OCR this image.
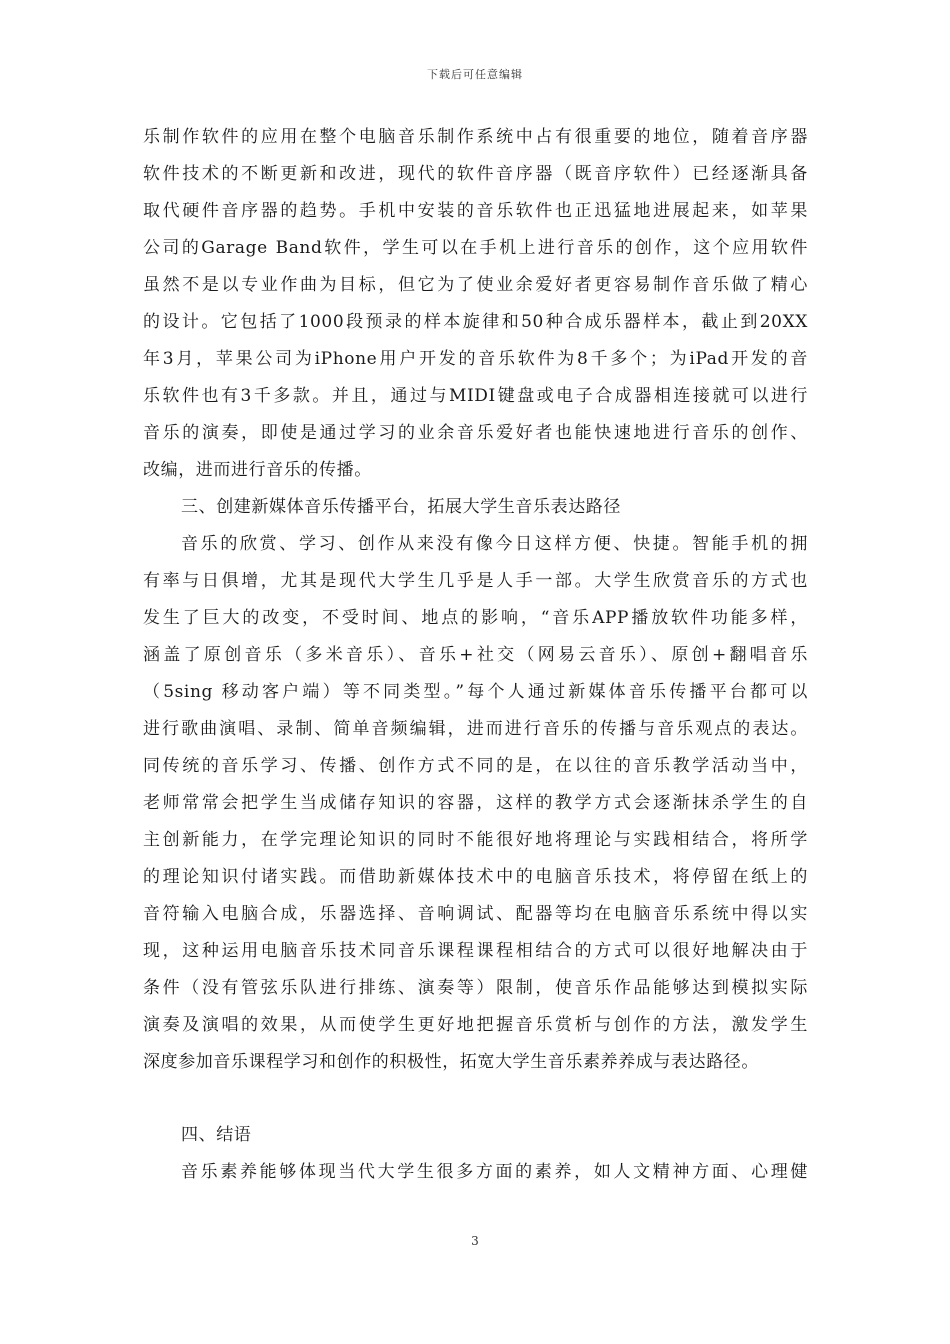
下载后可任意编辑
乐制作软件的应用在整个电脑音乐制作系统中占有很重要的地位，随着音序器
软件技术的不断更新和改进，现代的软件音序器（既音序软件）已经逐渐具备
取代硬件音序器的趋势。手机中安装的音乐软件也正迅猛地进展起来，如苹果
公司的Garage Band软件，学生可以在手机上进行音乐的创作，这个应用软件
虽然不是以专业作曲为目标，但它为了使业余爱好者更容易制作音乐做了精心
的设计。它包括了1000段预录的样本旋律和50种合成乐器样本，截止到20XX
年3月，苹果公司为iPhone用户开发的音乐软件为8千多个；为iPad开发的音
乐软件也有3千多款。并且，通过与MIDI键盘或电子合成器相连接就可以进行
音乐的演奏，即使是通过学习的业余音乐爱好者也能快速地进行音乐的创作、
改编，进而进行音乐的传播。
三、创建新媒体音乐传播平台，拓展大学生音乐表达路径
音乐的欣赏、学习、创作从来没有像今日这样方便、快捷。智能手机的拥
有率与日俱增，尤其是现代大学生几乎是人手一部。大学生欣赏音乐的方式也
发生了巨大的改变，不受时间、地点的影响，“音乐APP播放软件功能多样，
涵盖了原创音乐（多米音乐）、音乐+社交（网易云音乐）、原创+翻唱音乐
（5sing 移动客户端）等不同类型。”每个人通过新媒体音乐传播平台都可以
进行歌曲演唱、录制、简单音频编辑，进而进行音乐的传播与音乐观点的表达。
同传统的音乐学习、传播、创作方式不同的是，在以往的音乐教学活动当中，
老师常常会把学生当成储存知识的容器，这样的教学方式会逐渐抹杀学生的自
主创新能力，在学完理论知识的同时不能很好地将理论与实践相结合，将所学
的理论知识付诸实践。而借助新媒体技术中的电脑音乐技术，将停留在纸上的
音符输入电脑合成，乐器选择、音响调试、配器等均在电脑音乐系统中得以实
现，这种运用电脑音乐技术同音乐课程课程相结合的方式可以很好地解决由于
条件（没有管弦乐队进行排练、演奏等）限制，使音乐作品能够达到模拟实际
演奏及演唱的效果，从而使学生更好地把握音乐赏析与创作的方法，激发学生
深度参加音乐课程学习和创作的积极性，拓宽大学生音乐素养养成与表达路径。
四、结语
音乐素养能够体现当代大学生很多方面的素养，如人文精神方面、心理健
3
